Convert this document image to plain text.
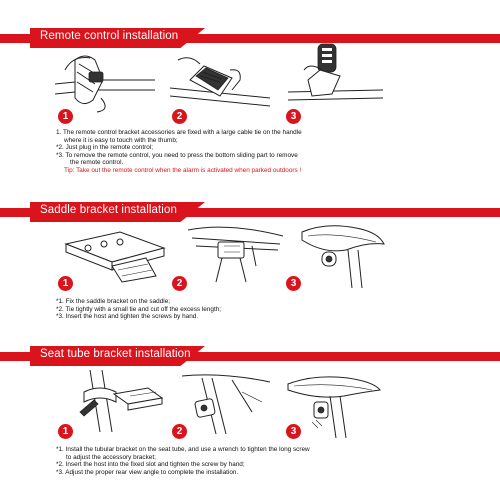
Remote control installation
1	2	3
1. The remote control bracket accessories are fixed with a large cable tie on the handle
where it is easy to touch with the thumb;
*2. Just plug in the remote control;
*3. To remove the remote control, you need to press the bottom sliding part to remove
the remote control.
Tip: Take out the remote control when the alarm is activated when parked outdoors !
Saddle bracket installation
1	2	3
*1. Fix the saddle bracket on the saddle;
*2. Tie tightly with a small tie and cut off the excess length;
*3. Insert the host and tighten the screws by hand.
Seat tube bracket installation
1	2	3
*1. Install the tubular bracket on the seat tube, and use a wrench to tighten the long screw
to adjust the accessory bracket;
*2. Insert the host into the fixed slot and tighten the screw by hand;
*3. Adjust the proper rear view angle to complete the installation.
